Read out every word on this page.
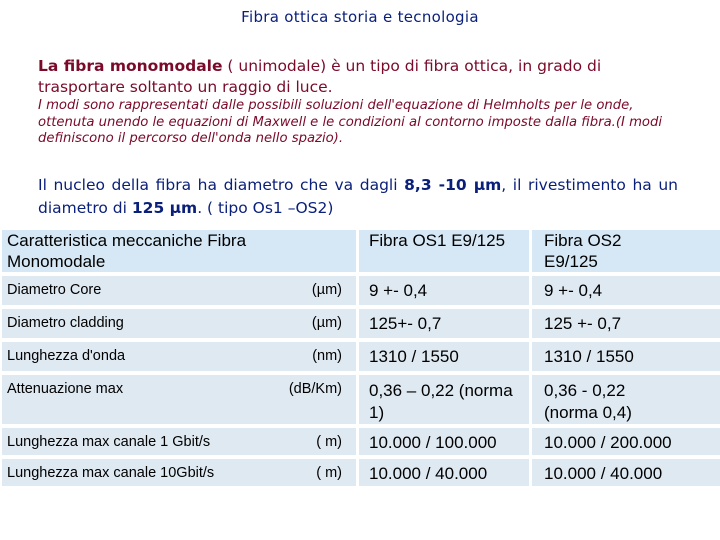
Fibra ottica storia e tecnologia
La fibra monomodale ( unimodale) è un tipo di fibra ottica, in grado di trasportare soltanto un raggio di luce.
I modi sono rappresentati dalle possibili soluzioni dell'equazione di Helmholts per le onde, ottenuta unendo le equazioni di Maxwell e le condizioni al contorno imposte dalla fibra.(I modi definiscono il percorso dell'onda nello spazio).
Il nucleo della fibra ha diametro che va dagli 8,3 -10 µm, il rivestimento ha un diametro di 125 µm. ( tipo Os1 –OS2)
Caratteristica meccaniche Fibra Monomodale		Fibra OS1 E9/125	Fibra OS2 E9/125
Diametro Core	(µm)	9 +- 0,4	9 +- 0,4
Diametro cladding	(µm)	125+- 0,7	125 +- 0,7
Lunghezza d'onda	(nm)	1310 / 1550	1310 / 1550
Attenuazione max	(dB/Km)	0,36 – 0,22 (norma 1)	0,36 - 0,22 (norma 0,4)
Lunghezza max canale 1 Gbit/s	( m)	10.000 / 100.000	10.000 / 200.000
Lunghezza max canale 10Gbit/s	( m)	10.000 / 40.000	10.000 / 40.000
